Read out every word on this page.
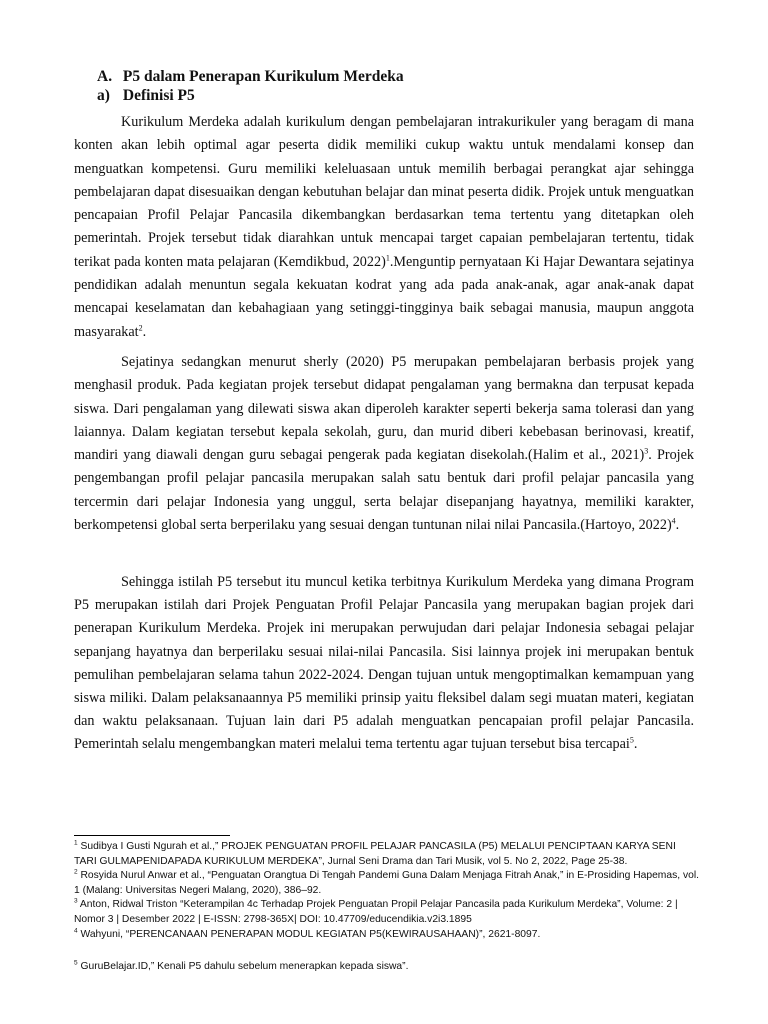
A. P5 dalam Penerapan Kurikulum Merdeka
a) Definisi P5

Kurikulum Merdeka adalah kurikulum dengan pembelajaran intrakurikuler yang beragam di mana konten akan lebih optimal agar peserta didik memiliki cukup waktu untuk mendalami konsep dan menguatkan kompetensi. Guru memiliki keleluasaan untuk memilih berbagai perangkat ajar sehingga pembelajaran dapat disesuaikan dengan kebutuhan belajar dan minat peserta didik. Projek untuk menguatkan pencapaian Profil Pelajar Pancasila dikembangkan berdasarkan tema tertentu yang ditetapkan oleh pemerintah. Projek tersebut tidak diarahkan untuk mencapai target capaian pembelajaran tertentu, tidak terikat pada konten mata pelajaran (Kemdikbud, 2022)$^1$.Menguntip pernyataan Ki Hajar Dewantara sejatinya pendidikan adalah menuntun segala kekuatan kodrat yang ada pada anak-anak, agar anak-anak dapat mencapai keselamatan dan kebahagiaan yang setinggi-tingginya baik sebagai manusia, maupun anggota masyarakat$^2$.

Sejatinya sedangkan menurut sherly (2020) P5 merupakan pembelajaran berbasis projek yang menghasil produk. Pada kegiatan projek tersebut didapat pengalaman yang bermakna dan terpusat kepada siswa. Dari pengalaman yang dilewati siswa akan diperoleh karakter seperti bekerja sama tolerasi dan yang laiannya. Dalam kegiatan tersebut kepala sekolah, guru, dan murid diberi kebebasan berinovasi, kreatif, mandiri yang diawali dengan guru sebagai pengerak pada kegiatan disekolah.(Halim et al., 2021)$^3$. Projek pengembangan profil pelajar pancasila merupakan salah satu bentuk dari profil pelajar pancasila yang tercermin dari pelajar Indonesia yang unggul, serta belajar disepanjang hayatnya, memiliki karakter, berkompetensi global serta berperilaku yang sesuai dengan tuntunan nilai nilai Pancasila.(Hartoyo, 2022)$^4$.

Sehingga istilah P5 tersebut itu muncul ketika terbitnya Kurikulum Merdeka yang dimana Program P5 merupakan istilah dari Projek Penguatan Profil Pelajar Pancasila yang merupakan bagian projek dari penerapan Kurikulum Merdeka. Projek ini merupakan perwujudan dari pelajar Indonesia sebagai pelajar sepanjang hayatnya dan berperilaku sesuai nilai-nilai Pancasila. Sisi lainnya projek ini merupakan bentuk pemulihan pembelajaran selama tahun 2022-2024. Dengan tujuan untuk mengoptimalkan kemampuan yang siswa miliki. Dalam pelaksanaannya P5 memiliki prinsip yaitu fleksibel dalam segi muatan materi, kegiatan dan waktu pelaksanaan. Tujuan lain dari P5 adalah menguatkan pencapaian profil pelajar Pancasila. Pemerintah selalu mengembangkan materi melalui tema tertentu agar tujuan tersebut bisa tercapai$^5$.

$^1$ Sudibya I Gusti Ngurah et al.,” PROJEK PENGUATAN PROFIL PELAJAR PANCASILA (P5) MELALUI PENCIPTAAN KARYA SENI TARI GULMAPENIDAPADA KURIKULUM MERDEKA”, Jurnal Seni Drama dan Tari Musik, vol 5. No 2, 2022, Page 25-38.
$^2$ Rosyida Nurul Anwar et al., “Penguatan Orangtua Di Tengah Pandemi Guna Dalam Menjaga Fitrah Anak,” in E-Prosiding Hapemas, vol. 1 (Malang: Universitas Negeri Malang, 2020), 386–92.
$^3$ Anton, Ridwal Triston “Keterampilan 4c Terhadap Projek Penguatan Propil Pelajar Pancasila pada Kurikulum Merdeka”, Volume: 2 | Nomor 3 | Desember 2022 | E-ISSN: 2798-365X| DOI: 10.47709/educendikia.v2i3.1895
$^4$ Wahyuni, “PERENCANAAN PENERAPAN MODUL KEGIATAN P5(KEWIRAUSAHAAN)”, 2621-8097.
$^5$ GuruBelajar.ID,” Kenali P5 dahulu sebelum menerapkan kepada siswa”.
